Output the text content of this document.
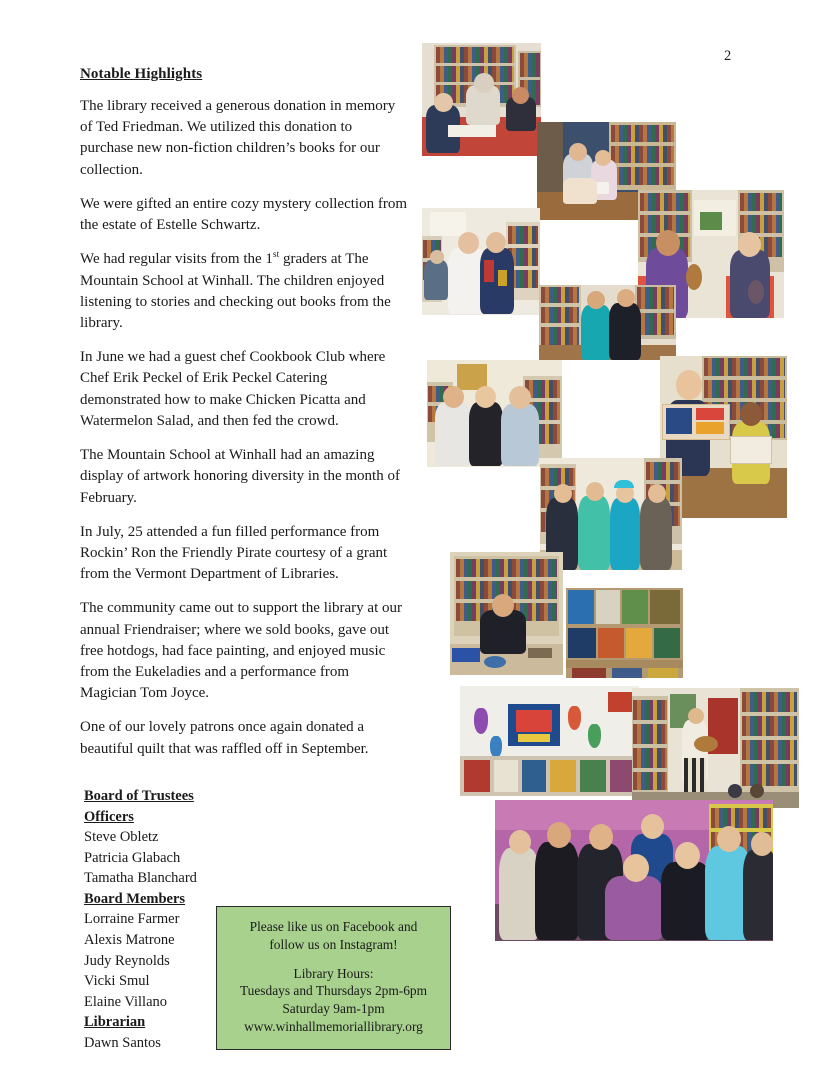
2
Notable Highlights

The library received a generous donation in memory of Ted Friedman. We utilized this donation to purchase new non-fiction children’s books for our collection.

We were gifted an entire cozy mystery collection from the estate of Estelle Schwartz.

We had regular visits from the 1st graders at The Mountain School at Winhall. The children enjoyed listening to stories and checking out books from the library.

In June we had a guest chef Cookbook Club where Chef Erik Peckel of Erik Peckel Catering demonstrated how to make Chicken Picatta and Watermelon Salad, and then fed the crowd.

The Mountain School at Winhall had an amazing display of artwork honoring diversity in the month of February.

In July, 25 attended a fun filled performance from Rockin’ Ron the Friendly Pirate courtesy of a grant from the Vermont Department of Libraries.

The community came out to support the library at our annual Friendraiser; where we sold books, gave out free hotdogs, had face painting, and enjoyed music from the Eukeladies and a performance from Magician Tom Joyce.

One of our lovely patrons once again donated a beautiful quilt that was raffled off in September.

Board of Trustees
Officers
Steve Obletz
Patricia Glabach
Tamatha Blanchard
Board Members
Lorraine Farmer
Alexis Matrone
Judy Reynolds
Vicki Smul
Elaine Villano
Librarian
Dawn Santos
Please like us on Facebook and
follow us on Instagram!
Library Hours:
Tuesdays and Thursdays 2pm-6pm
Saturday 9am-1pm
www.winhallmemoriallibrary.org
